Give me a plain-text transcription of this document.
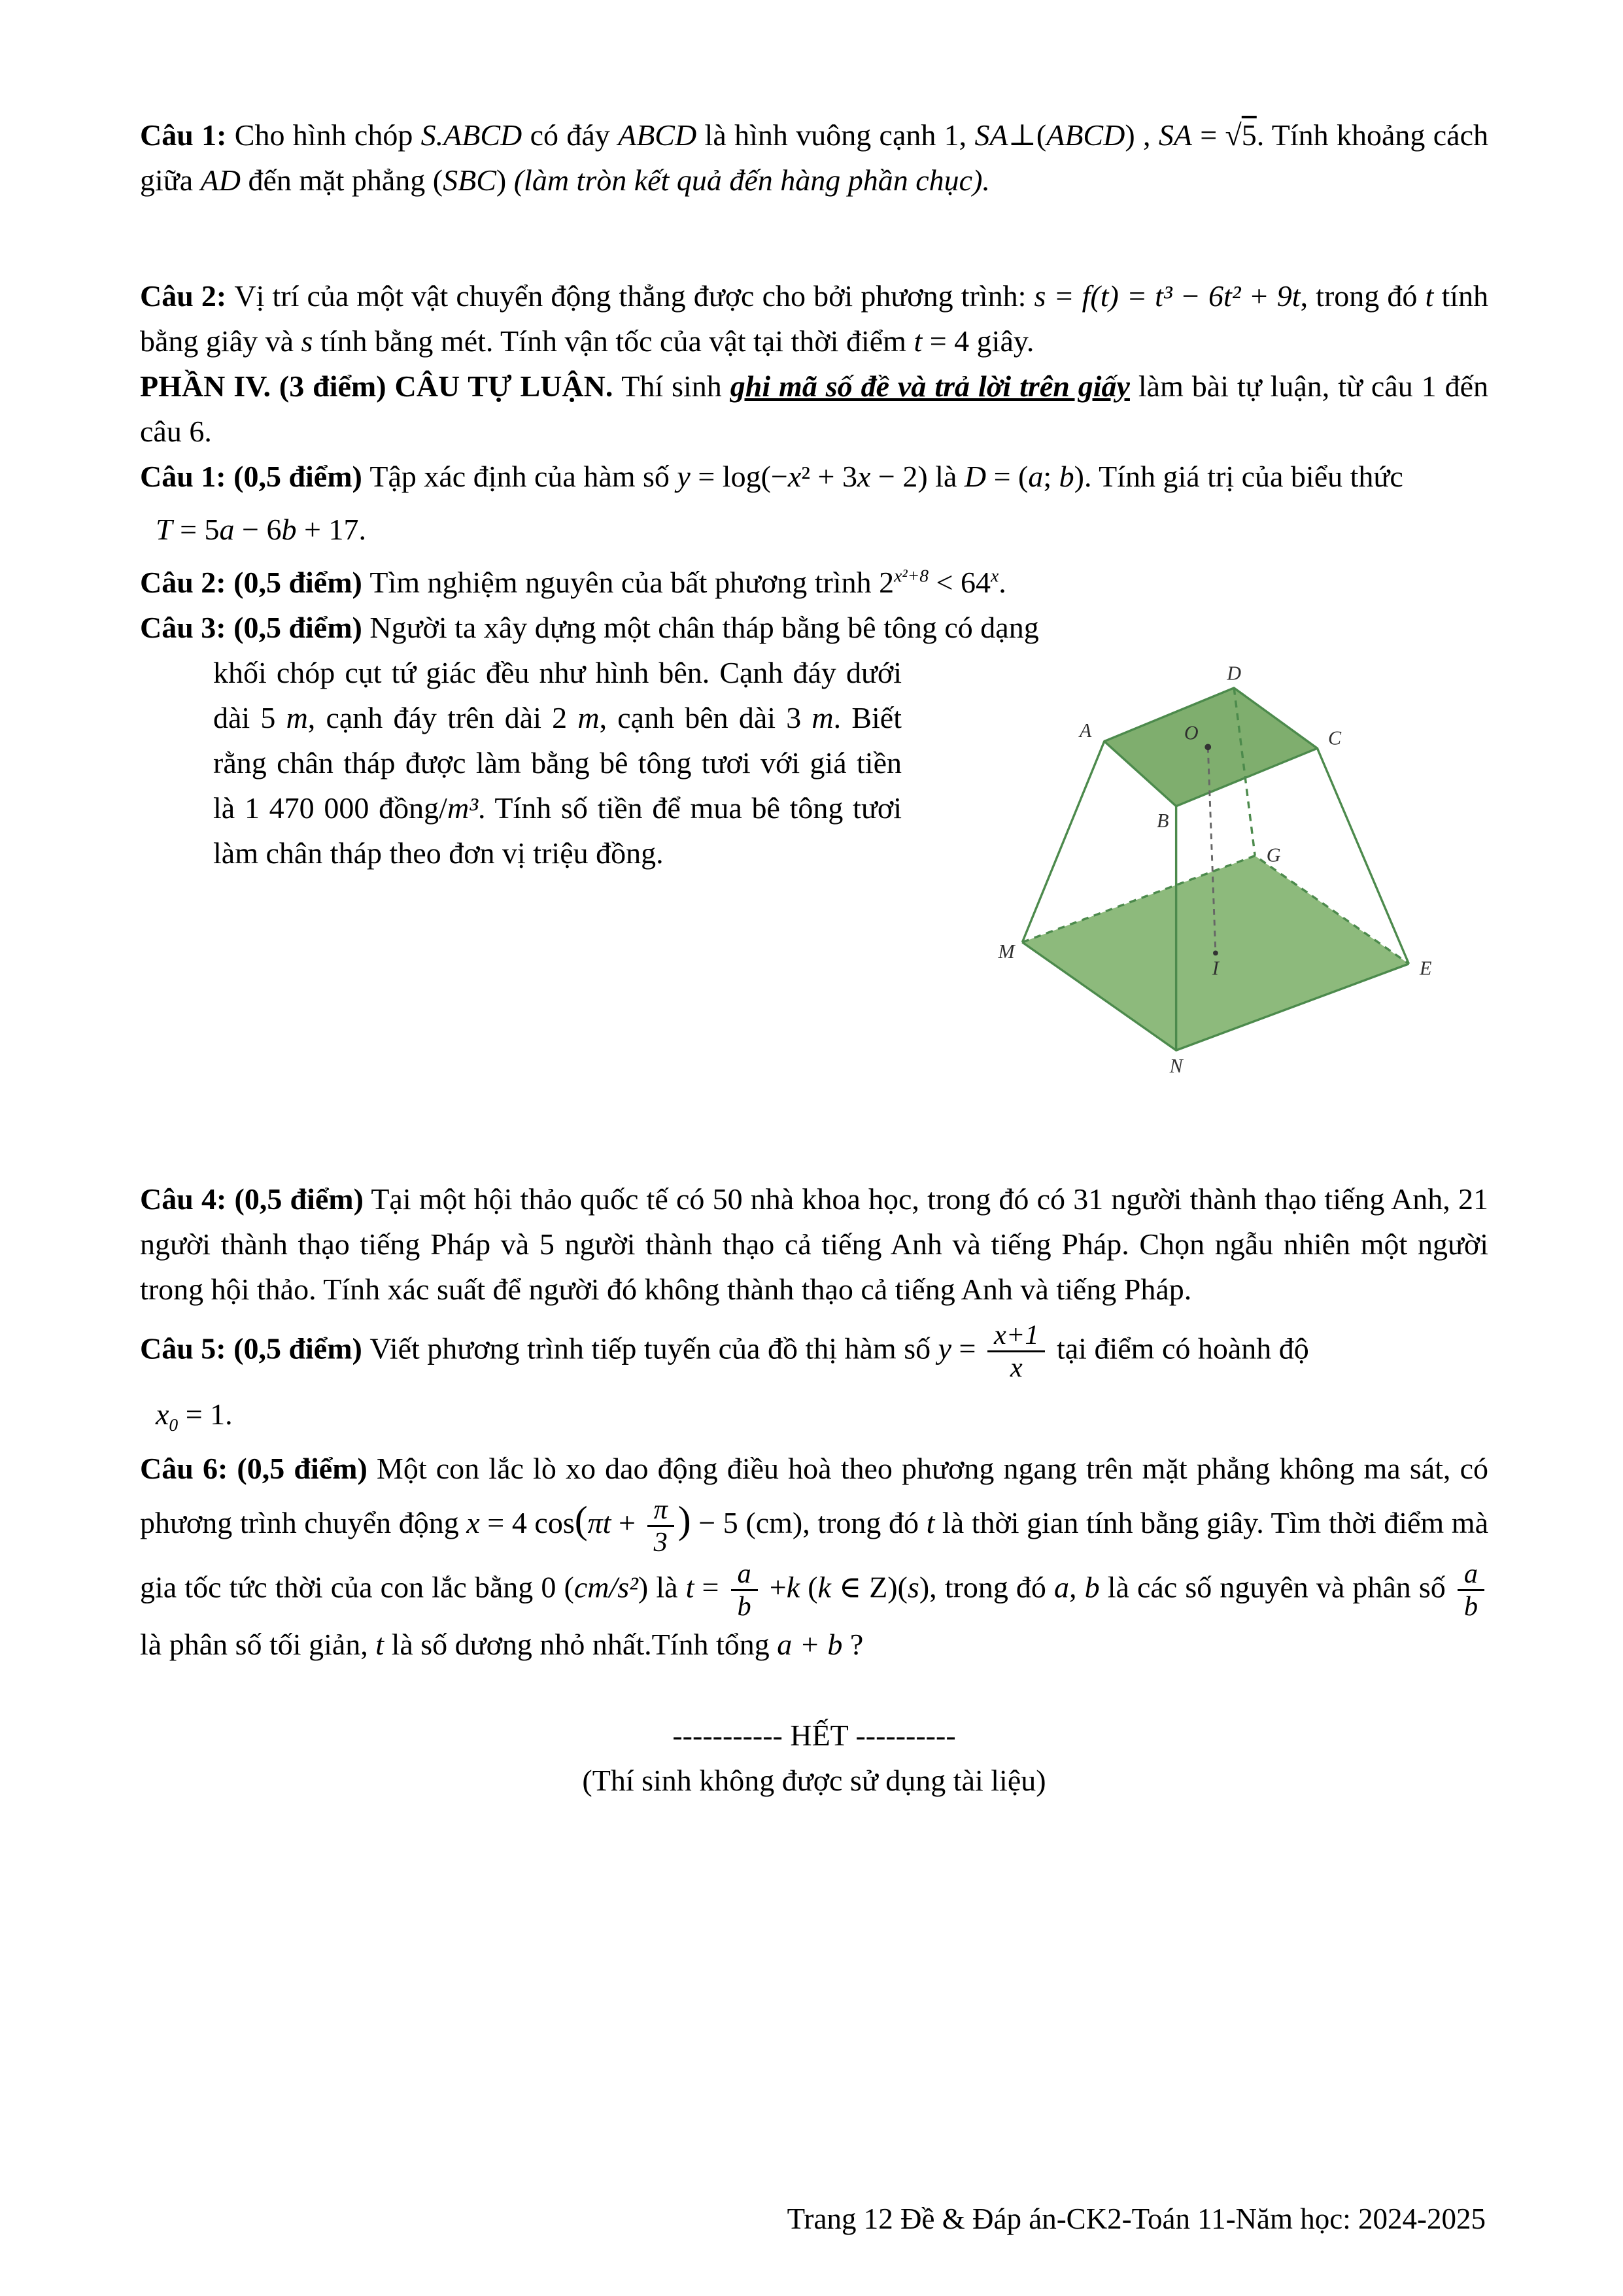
Câu 1: Cho hình chóp S.ABCD có đáy ABCD là hình vuông cạnh 1, SA⊥(ABCD) , SA = √5. Tính khoảng cách giữa AD đến mặt phẳng (SBC) (làm tròn kết quả đến hàng phần chục).

Câu 2: Vị trí của một vật chuyển động thẳng được cho bởi phương trình: s = f(t) = t³ − 6t² + 9t, trong đó t tính bằng giây và s tính bằng mét. Tính vận tốc của vật tại thời điểm t = 4 giây.

PHẦN IV. (3 điểm) CÂU TỰ LUẬN. Thí sinh ghi mã số đề và trả lời trên giấy làm bài tự luận, từ câu 1 đến câu 6.

Câu 1: (0,5 điểm) Tập xác định của hàm số y = log(−x² + 3x − 2) là D = (a; b). Tính giá trị của biểu thức

T = 5a − 6b + 17.

Câu 2: (0,5 điểm) Tìm nghiệm nguyên của bất phương trình $2^{x^2+8} < 64^x$.

Câu 3: (0,5 điểm) Người ta xây dựng một chân tháp bằng bê tông có dạng

khối chóp cụt tứ giác đều như hình bên. Cạnh đáy dưới dài 5 m, cạnh đáy trên dài 2 m, cạnh bên dài 3 m. Biết rằng chân tháp được làm bằng bê tông tươi với giá tiền là 1 470 000 đồng/m³. Tính số tiền để mua bê tông tươi làm chân tháp theo đơn vị triệu đồng.

A
D
C
B
O
G
M
I	E
N

Câu 4: (0,5 điểm) Tại một hội thảo quốc tế có 50 nhà khoa học, trong đó có 31 người thành thạo tiếng Anh, 21 người thành thạo tiếng Pháp và 5 người thành thạo cả tiếng Anh và tiếng Pháp. Chọn ngẫu nhiên một người trong hội thảo. Tính xác suất để người đó không thành thạo cả tiếng Anh và tiếng Pháp.

Câu 5: (0,5 điểm) Viết phương trình tiếp tuyến của đồ thị hàm số $y = \frac{x+1}{x}$ tại điểm có hoành độ

$x_0 = 1$.

Câu 6: (0,5 điểm) Một con lắc lò xo dao động điều hoà theo phương ngang trên mặt phẳng không ma sát, có phương trình chuyển động x = 4 $\cos(\pi t + \frac{\pi}{3}$ ) − 5 (cm), trong đó t là thời gian tính bằng giây. Tìm thời điểm mà gia tốc tức thời của con lắc bằng 0 (cm/s²) là $t = \frac{a}{b} +k$ (k ∈ Z)(s), trong đó a, b là các số nguyên và phân số $\frac{a}{b}$
là phân số tối giản, t là số dương nhỏ nhất.Tính tổng a + b ?

----------- HẾT ----------

(Thí sinh không được sử dụng tài liệu)

Trang 12 Đề & Đáp án-CK2-Toán 11-Năm học: 2024-2025
